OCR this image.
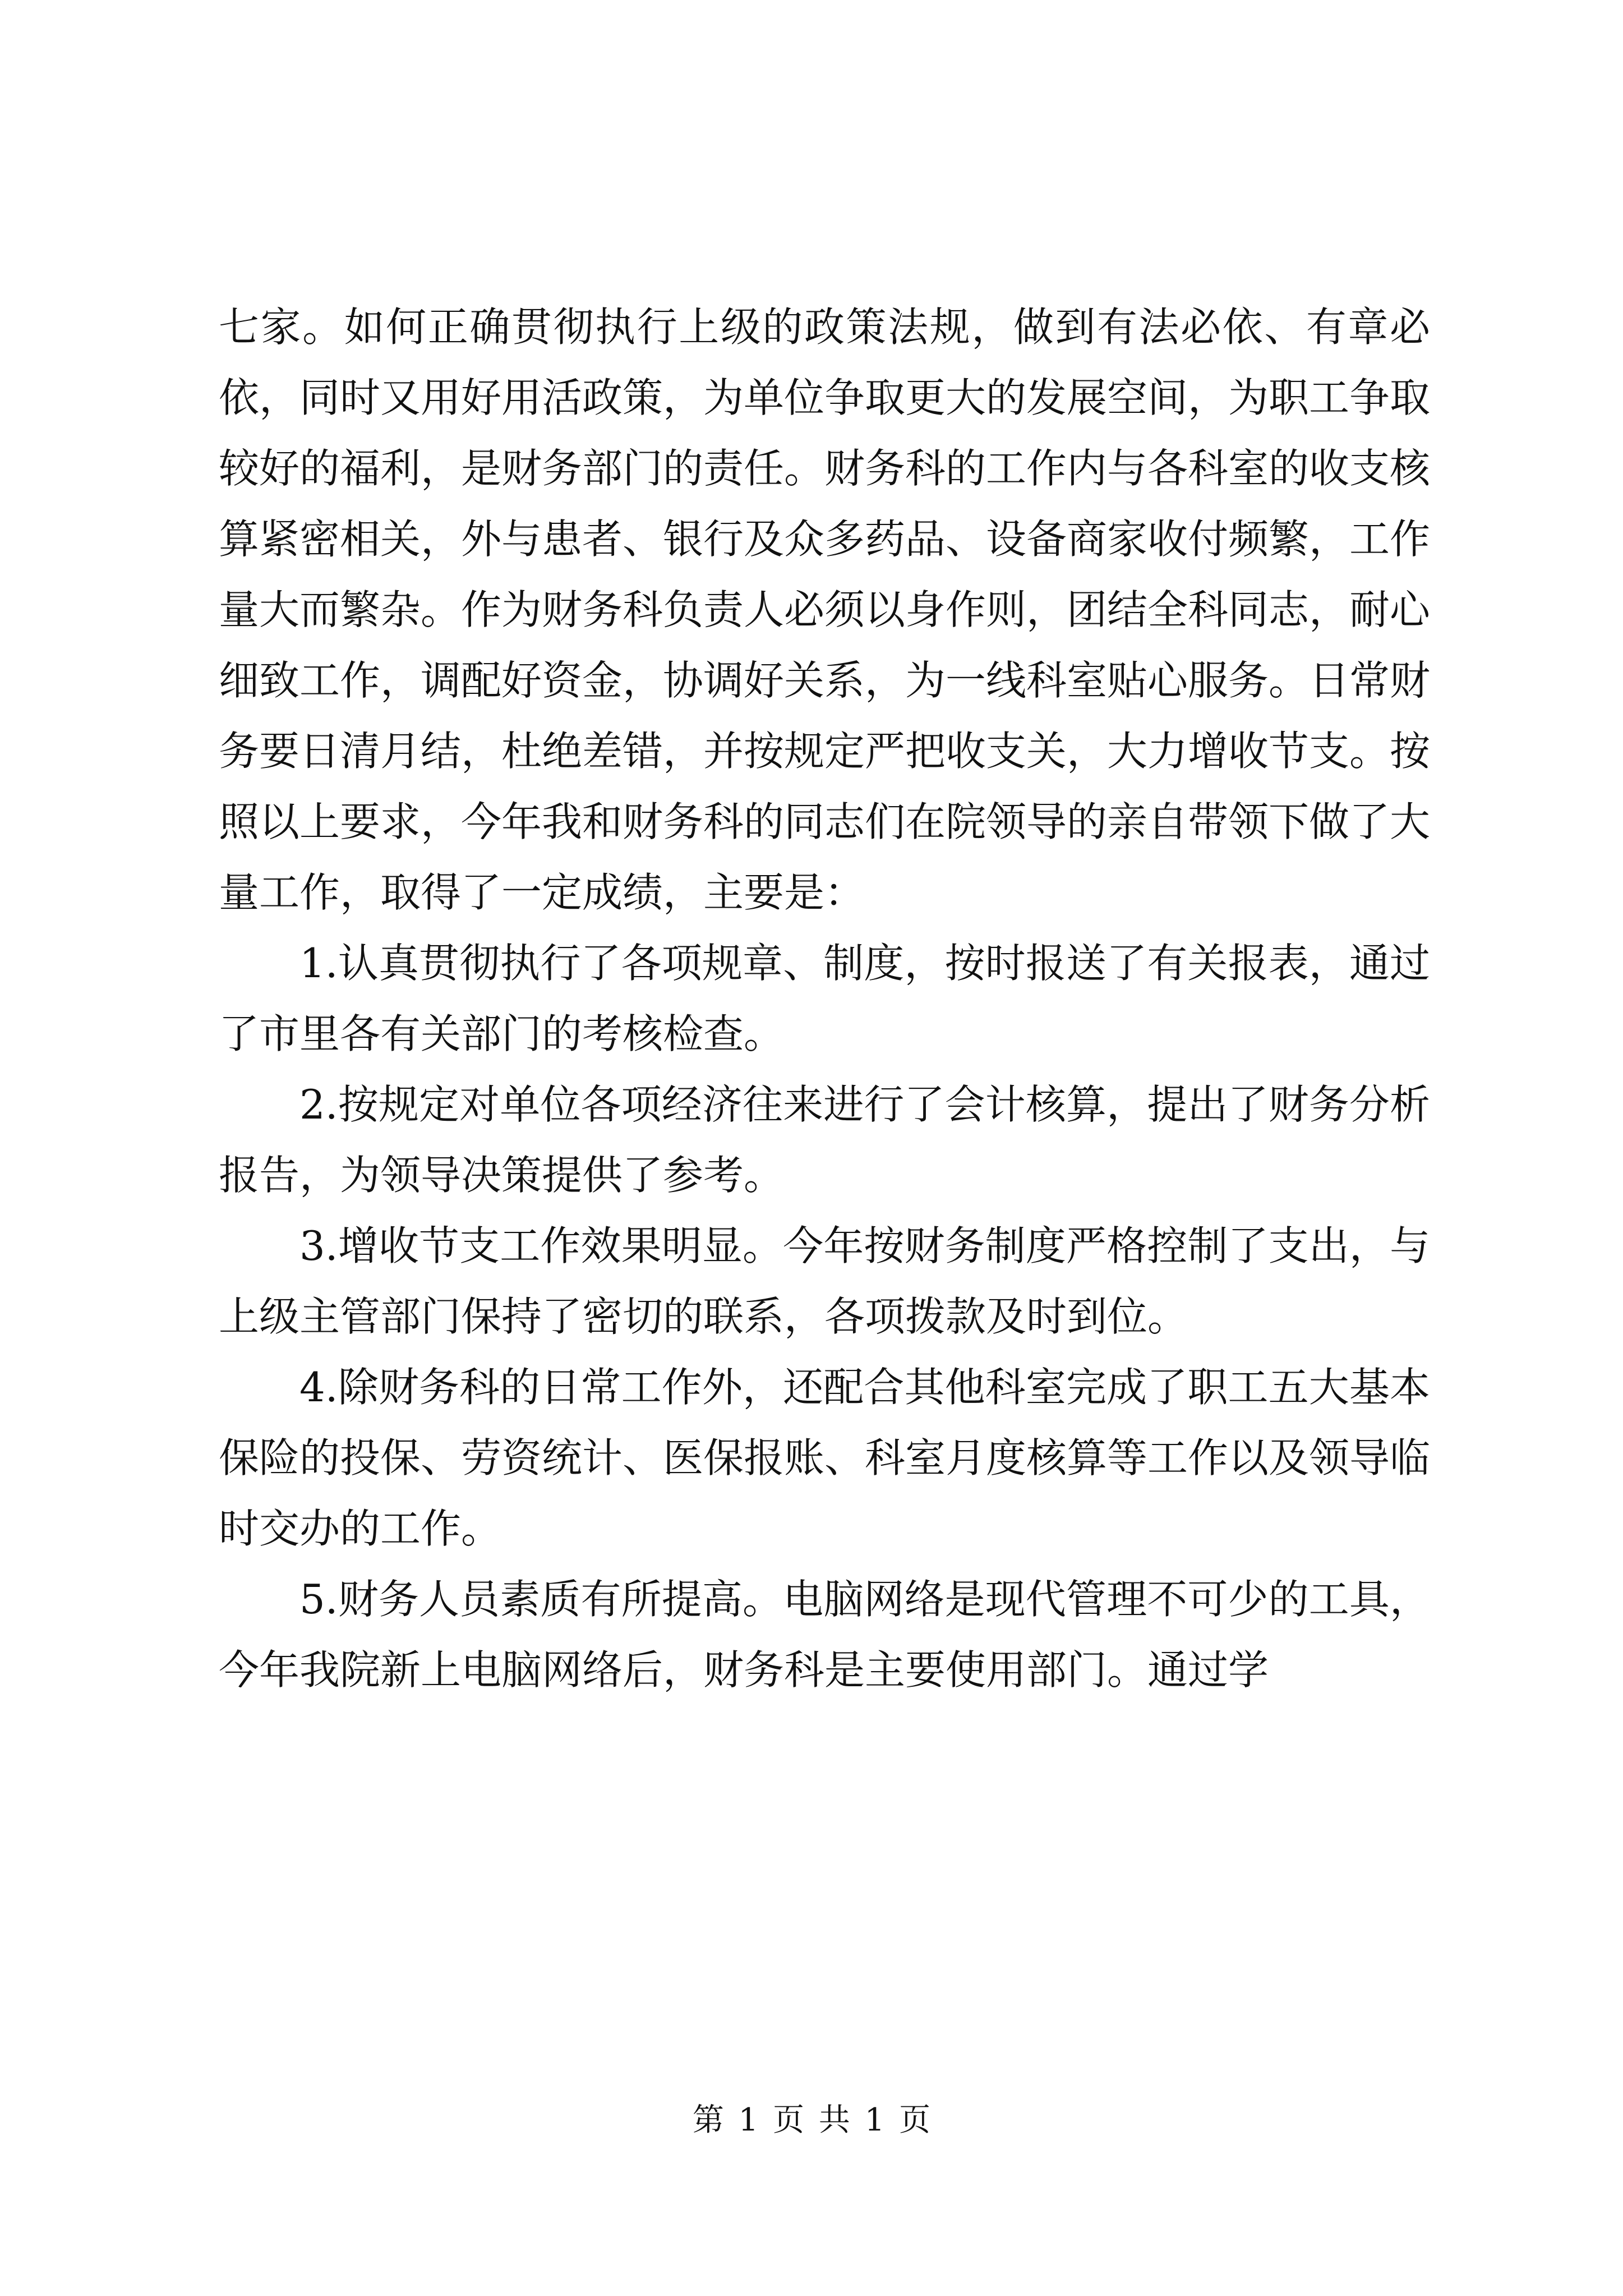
七家。如何正确贯彻执行上级的政策法规，做到有法必依、有章必依，同时又用好用活政策，为单位争取更大的发展空间，为职工争取较好的福利，是财务部门的责任。财务科的工作内与各科室的收支核算紧密相关，外与患者、银行及众多药品、设备商家收付频繁，工作量大而繁杂。作为财务科负责人必须以身作则，团结全科同志，耐心细致工作，调配好资金，协调好关系，为一线科室贴心服务。日常财务要日清月结，杜绝差错，并按规定严把收支关，大力增收节支。按照以上要求，今年我和财务科的同志们在院领导的亲自带领下做了大量工作，取得了一定成绩，主要是：

1.认真贯彻执行了各项规章、制度，按时报送了有关报表，通过了市里各有关部门的考核检查。

2.按规定对单位各项经济往来进行了会计核算，提出了财务分析报告，为领导决策提供了参考。

3.增收节支工作效果明显。今年按财务制度严格控制了支出，与上级主管部门保持了密切的联系，各项拨款及时到位。

4.除财务科的日常工作外，还配合其他科室完成了职工五大基本保险的投保、劳资统计、医保报账、科室月度核算等工作以及领导临时交办的工作。

5.财务人员素质有所提高。电脑网络是现代管理不可少的工具，今年我院新上电脑网络后，财务科是主要使用部门。通过学

第 1 页 共 1 页
